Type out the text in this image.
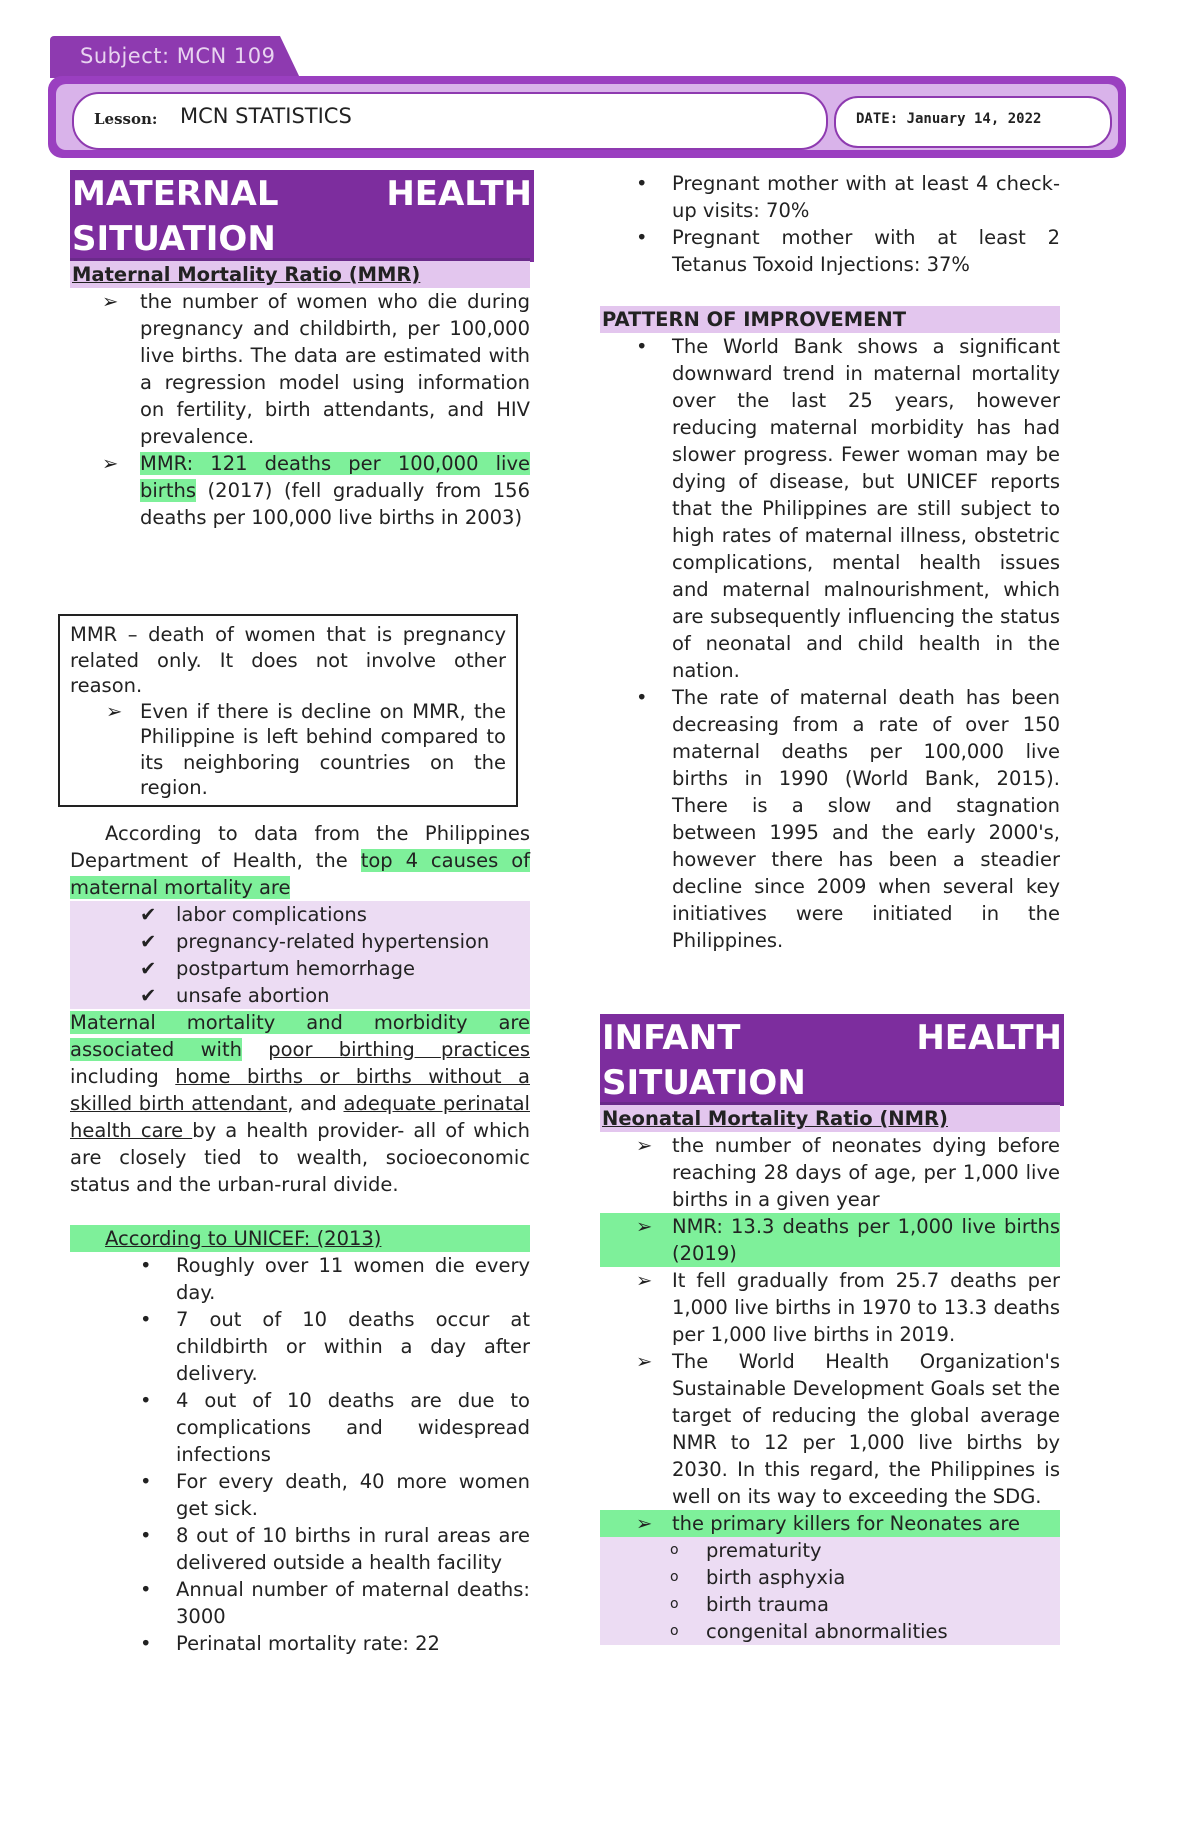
Subject: MCN 109
Lesson: MCN STATISTICS	DATE: January 14, 2022
MATERNAL	HEALTH
SITUATION
Maternal Mortality Ratio (MMR)
➢ the number of women who die during pregnancy and childbirth, per 100,000 live births. The data are estimated with a regression model using information on fertility, birth attendants, and HIV prevalence.
➢ MMR: 121 deaths per 100,000 live births (2017) (fell gradually from 156 deaths per 100,000 live births in 2003)
MMR – death of women that is pregnancy related only. It does not involve other reason.
➢ Even if there is decline on MMR, the Philippine is left behind compared to its neighboring countries on the region.
According to data from the Philippines Department of Health, the top 4 causes of maternal mortality are
✔ labor complications
✔ pregnancy-related hypertension
✔ postpartum hemorrhage
✔ unsafe abortion
Maternal mortality and morbidity are associated with poor birthing practices including home births or births without a skilled birth attendant, and adequate perinatal health care by a health provider- all of which are closely tied to wealth, socioeconomic status and the urban-rural divide.
According to UNICEF: (2013)
• Roughly over 11 women die every day.
• 7 out of 10 deaths occur at childbirth or within a day after delivery.
• 4 out of 10 deaths are due to complications and widespread infections
• For every death, 40 more women get sick.
• 8 out of 10 births in rural areas are delivered outside a health facility
• Annual number of maternal deaths: 3000
• Perinatal mortality rate: 22
• Pregnant mother with at least 4 check-up visits: 70%
• Pregnant mother with at least 2 Tetanus Toxoid Injections: 37%
PATTERN OF IMPROVEMENT
• The World Bank shows a significant downward trend in maternal mortality over the last 25 years, however reducing maternal morbidity has had slower progress. Fewer woman may be dying of disease, but UNICEF reports that the Philippines are still subject to high rates of maternal illness, obstetric complications, mental health issues and maternal malnourishment, which are subsequently influencing the status of neonatal and child health in the nation.
• The rate of maternal death has been decreasing from a rate of over 150 maternal deaths per 100,000 live births in 1990 (World Bank, 2015). There is a slow and stagnation between 1995 and the early 2000's, however there has been a steadier decline since 2009 when several key initiatives were initiated in the Philippines.
INFANT	HEALTH
SITUATION
Neonatal Mortality Ratio (NMR)
➢ the number of neonates dying before reaching 28 days of age, per 1,000 live births in a given year
➢ NMR: 13.3 deaths per 1,000 live births (2019)
➢ It fell gradually from 25.7 deaths per 1,000 live births in 1970 to 13.3 deaths per 1,000 live births in 2019.
➢ The World Health Organization's Sustainable Development Goals set the target of reducing the global average NMR to 12 per 1,000 live births by 2030. In this regard, the Philippines is well on its way to exceeding the SDG.
➢ the primary killers for Neonates are
o prematurity
o birth asphyxia
o birth trauma
o congenital abnormalities
